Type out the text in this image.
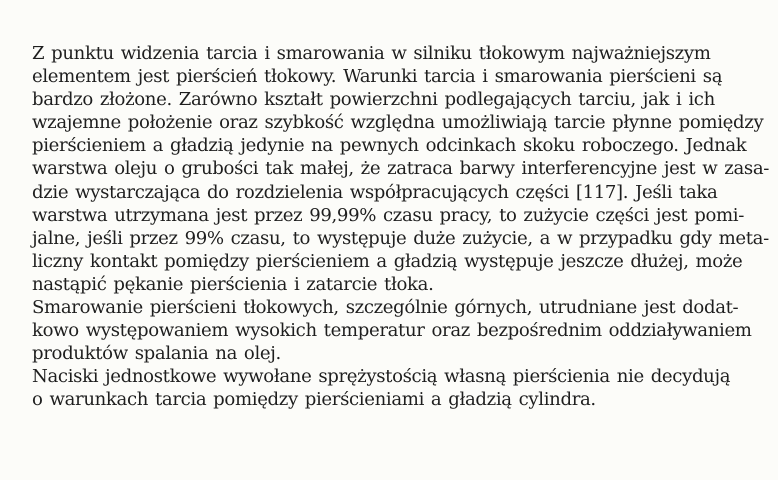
Z punktu widzenia tarcia i smarowania w silniku tłokowym najważniejszym
elementem jest pierścień tłokowy. Warunki tarcia i smarowania pierścieni są
bardzo złożone. Zarówno kształt powierzchni podlegających tarciu, jak i ich
wzajemne położenie oraz szybkość względna umożliwiają tarcie płynne pomiędzy
pierścieniem a gładzią jedynie na pewnych odcinkach skoku roboczego. Jednak
warstwa oleju o grubości tak małej, że zatraca barwy interferencyjne jest w zasa-
dzie wystarczająca do rozdzielenia współpracujących części [117]. Jeśli taka
warstwa utrzymana jest przez 99,99% czasu pracy, to zużycie części jest pomi-
jalne, jeśli przez 99% czasu, to występuje duże zużycie, a w przypadku gdy meta-
liczny kontakt pomiędzy pierścieniem a gładzią występuje jeszcze dłużej, może
nastąpić pękanie pierścienia i zatarcie tłoka.
Smarowanie pierścieni tłokowych, szczególnie górnych, utrudniane jest dodat-
kowo występowaniem wysokich temperatur oraz bezpośrednim oddziaływaniem
produktów spalania na olej.
Naciski jednostkowe wywołane sprężystością własną pierścienia nie decydują
o warunkach tarcia pomiędzy pierścieniami a gładzią cylindra.
